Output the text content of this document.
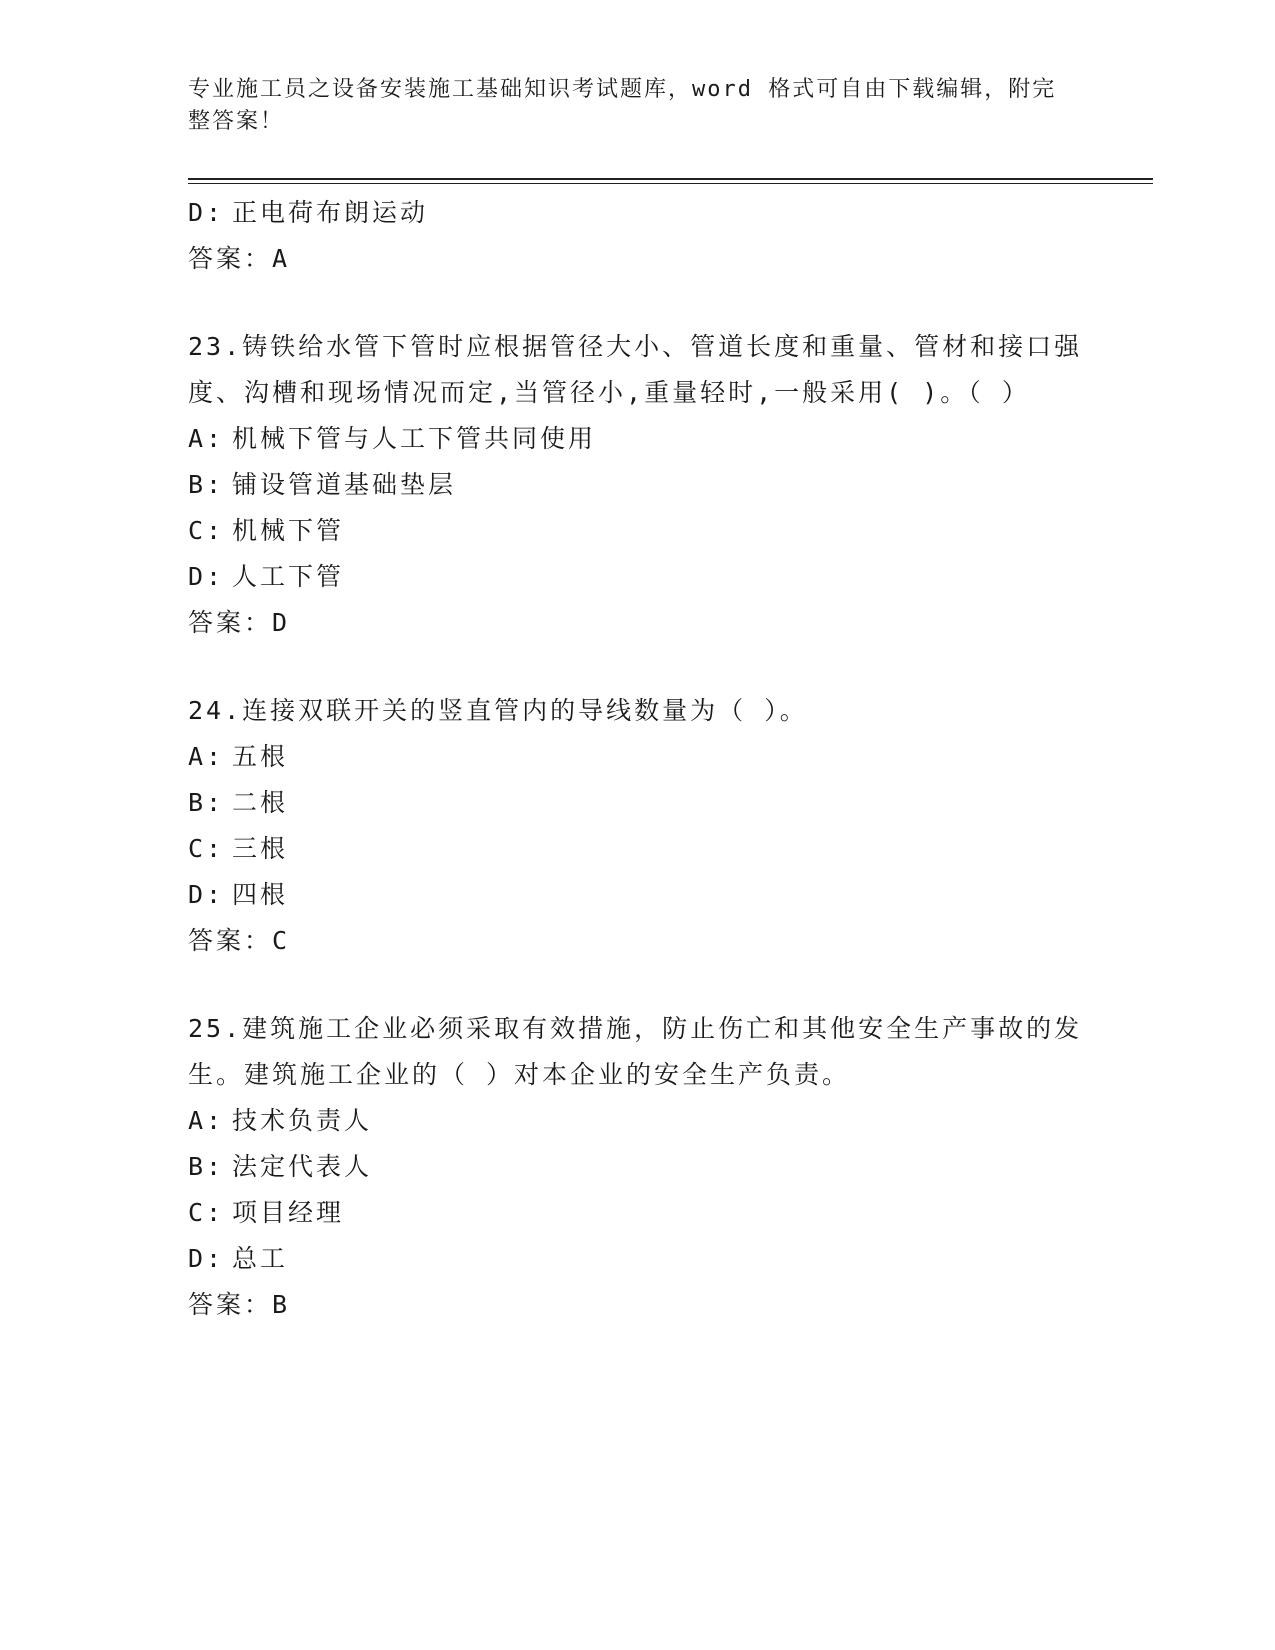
专业施工员之设备安装施工基础知识考试题库，word 格式可自由下载编辑，附完整答案！
D: 正电荷布朗运动
答案：A
23.铸铁给水管下管时应根据管径大小、管道长度和重量、管材和接口强度、沟槽和现场情况而定,当管径小,重量轻时,一般采用( )。（ ）
A: 机械下管与人工下管共同使用
B: 铺设管道基础垫层
C: 机械下管
D: 人工下管
答案：D
24.连接双联开关的竖直管内的导线数量为（ ）。
A: 五根
B: 二根
C: 三根
D: 四根
答案：C
25.建筑施工企业必须采取有效措施，防止伤亡和其他安全生产事故的发生。建筑施工企业的（ ）对本企业的安全生产负责。
A: 技术负责人
B: 法定代表人
C: 项目经理
D: 总工
答案：B
